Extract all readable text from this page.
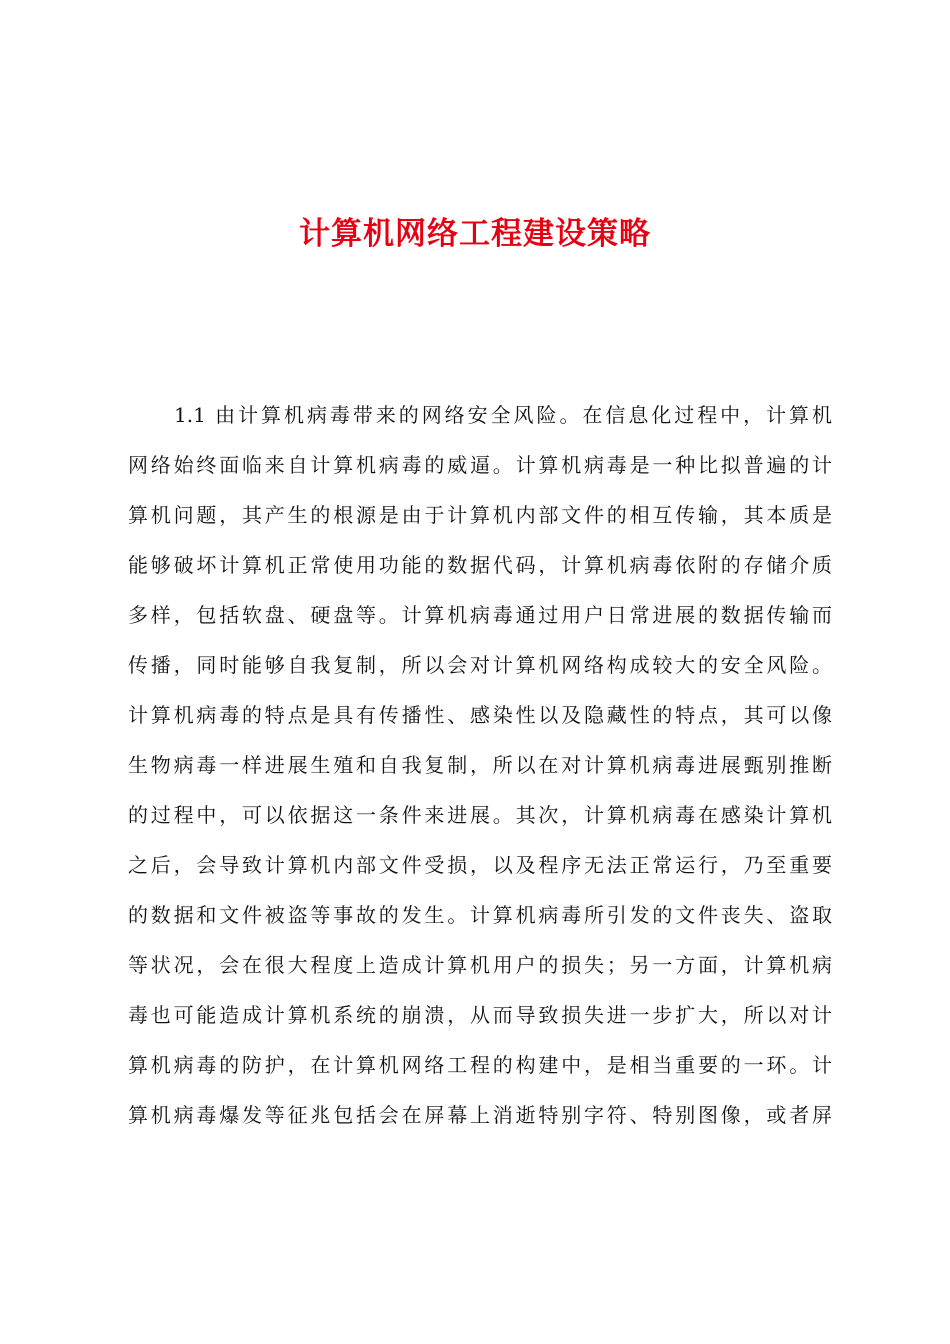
计算机网络工程建设策略
1.1 由计算机病毒带来的网络安全风险。在信息化过程中，计算机
网络始终面临来自计算机病毒的威逼。计算机病毒是一种比拟普遍的计
算机问题，其产生的根源是由于计算机内部文件的相互传输，其本质是
能够破坏计算机正常使用功能的数据代码，计算机病毒依附的存储介质
多样，包括软盘、硬盘等。计算机病毒通过用户日常进展的数据传输而
传播，同时能够自我复制，所以会对计算机网络构成较大的安全风险。
计算机病毒的特点是具有传播性、感染性以及隐藏性的特点，其可以像
生物病毒一样进展生殖和自我复制，所以在对计算机病毒进展甄别推断
的过程中，可以依据这一条件来进展。其次，计算机病毒在感染计算机
之后，会导致计算机内部文件受损，以及程序无法正常运行，乃至重要
的数据和文件被盗等事故的发生。计算机病毒所引发的文件丧失、盗取
等状况，会在很大程度上造成计算机用户的损失；另一方面，计算机病
毒也可能造成计算机系统的崩溃，从而导致损失进一步扩大，所以对计
算机病毒的防护，在计算机网络工程的构建中，是相当重要的一环。计
算机病毒爆发等征兆包括会在屏幕上消逝特别字符、特别图像，或者屏
